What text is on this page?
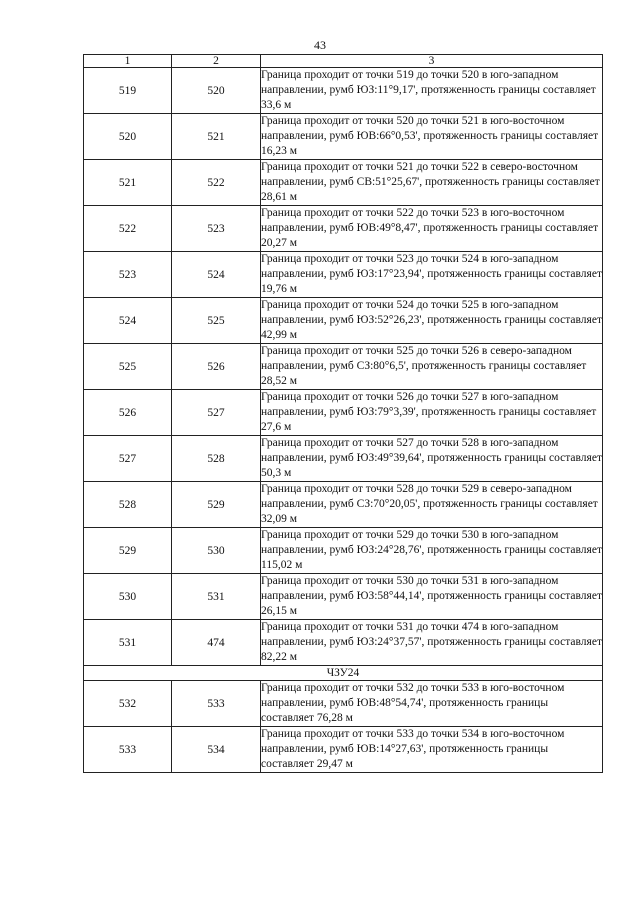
43
1	2	3
519	520	Граница проходит от точки 519 до точки 520 в юго-западном направлении, румб ЮЗ:11°9,17', протяженность границы составляет 33,6 м
520	521	Граница проходит от точки 520 до точки 521 в юго-восточном направлении, румб ЮВ:66°0,53', протяженность границы составляет 16,23 м
521	522	Граница проходит от точки 521 до точки 522 в северо-восточном направлении, румб СВ:51°25,67', протяженность границы составляет 28,61 м
522	523	Граница проходит от точки 522 до точки 523 в юго-восточном направлении, румб ЮВ:49°8,47', протяженность границы составляет 20,27 м
523	524	Граница проходит от точки 523 до точки 524 в юго-западном направлении, румб ЮЗ:17°23,94', протяженность границы составляет 19,76 м
524	525	Граница проходит от точки 524 до точки 525 в юго-западном направлении, румб ЮЗ:52°26,23', протяженность границы составляет 42,99 м
525	526	Граница проходит от точки 525 до точки 526 в северо-западном направлении, румб СЗ:80°6,5', протяженность границы составляет 28,52 м
526	527	Граница проходит от точки 526 до точки 527 в юго-западном направлении, румб ЮЗ:79°3,39', протяженность границы составляет 27,6 м
527	528	Граница проходит от точки 527 до точки 528 в юго-западном направлении, румб ЮЗ:49°39,64', протяженность границы составляет 50,3 м
528	529	Граница проходит от точки 528 до точки 529 в северо-западном направлении, румб СЗ:70°20,05', протяженность границы составляет 32,09 м
529	530	Граница проходит от точки 529 до точки 530 в юго-западном направлении, румб ЮЗ:24°28,76', протяженность границы составляет 115,02 м
530	531	Граница проходит от точки 530 до точки 531 в юго-западном направлении, румб ЮЗ:58°44,14', протяженность границы составляет 26,15 м
531	474	Граница проходит от точки 531 до точки 474 в юго-западном направлении, румб ЮЗ:24°37,57', протяженность границы составляет 82,22 м
ЧЗУ24		
532	533	Граница проходит от точки 532 до точки 533 в юго-восточном направлении, румб ЮВ:48°54,74', протяженность границы составляет 76,28 м
533	534	Граница проходит от точки 533 до точки 534 в юго-восточном направлении, румб ЮВ:14°27,63', протяженность границы составляет 29,47 м
